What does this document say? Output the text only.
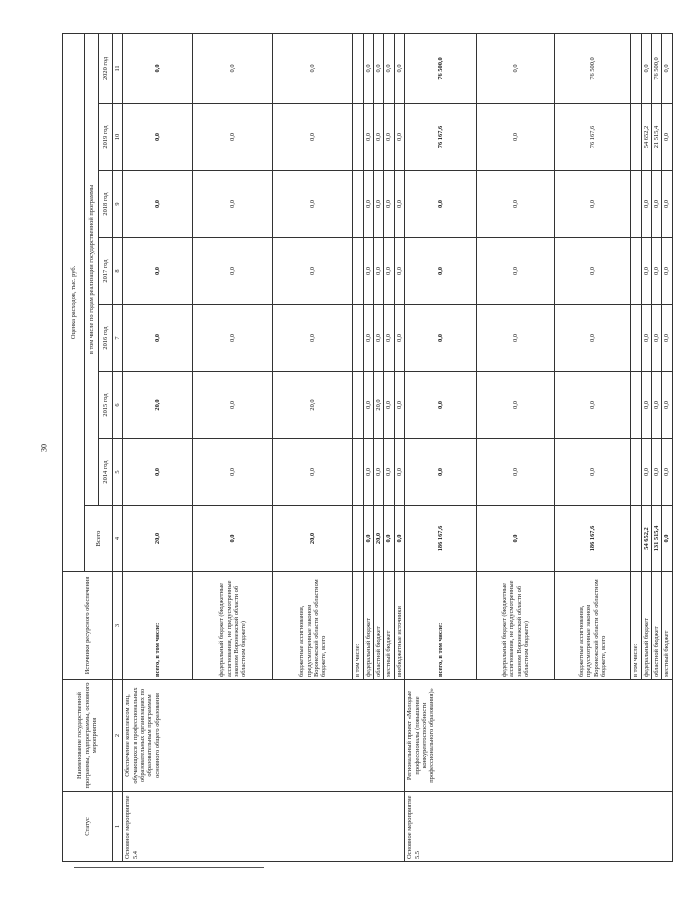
30
Статус	Наименование государственной программы, подпрограммы, основного мероприятия	Источники ресурсного обеспечения	Оценка расходов, тыс. руб.							
			Всего	в том числе по годам реализации государственной программы						
				2014 год	2015 год	2016 год	2017 год	2018 год	2019 год	2020 год
1	2	3	4	5	6	7	8	9	10	11
Основное мероприятие 5.4	Обеспечение комплексом лиц, обучающихся в профессиональных образовательных организациях по образовательным программам основного общего образования	всего, в том числе:	20,0	0,0	20,0	0,0	0,0	0,0	0,0	0,0
		федеральный бюджет (бюджетные ассигнования, не предусмотренные законом Воронежской области об областном бюджете)	0,0	0,0	0,0	0,0	0,0	0,0	0,0	0,0
		бюджетные ассигнования, предусмотренные законом Воронежской области об областном бюджете, всего	20,0	0,0	20,0	0,0	0,0	0,0	0,0	0,0
		в том числе:								
		федеральный бюджет	0,0	0,0	0,0	0,0	0,0	0,0	0,0	0,0
		областной бюджет	20,0	0,0	20,0	0,0	0,0	0,0	0,0	0,0
		местный бюджет	0,0	0,0	0,0	0,0	0,0	0,0	0,0	0,0
		внебюджетные источники	0,0	0,0	0,0	0,0	0,0	0,0	0,0	0,0
Основное мероприятие 5.5	Региональный проект «Молодые профессионалы (повышение конкурентоспособности профессионального образования)»	всего, в том числе:	186 167,6	0,0	0,0	0,0	0,0	0,0	76 167,6	76 500,0
		федеральный бюджет (бюджетные ассигнования, не предусмотренные законом Воронежской области об областном бюджете)	0,0	0,0	0,0	0,0	0,0	0,0	0,0	0,0
		бюджетные ассигнования, предусмотренные законом Воронежской области об областном бюджете, всего	186 167,6	0,0	0,0	0,0	0,0	0,0	76 167,6	76 500,0
		в том числе:								
		федеральный бюджет	54 652,2	0,0	0,0	0,0	0,0	0,0	54 652,2	0,0
		областной бюджет	131 515,4	0,0	0,0	0,0	0,0	0,0	21 515,4	76 500,0
		местный бюджет	0,0	0,0	0,0	0,0	0,0	0,0	0,0	0,0
